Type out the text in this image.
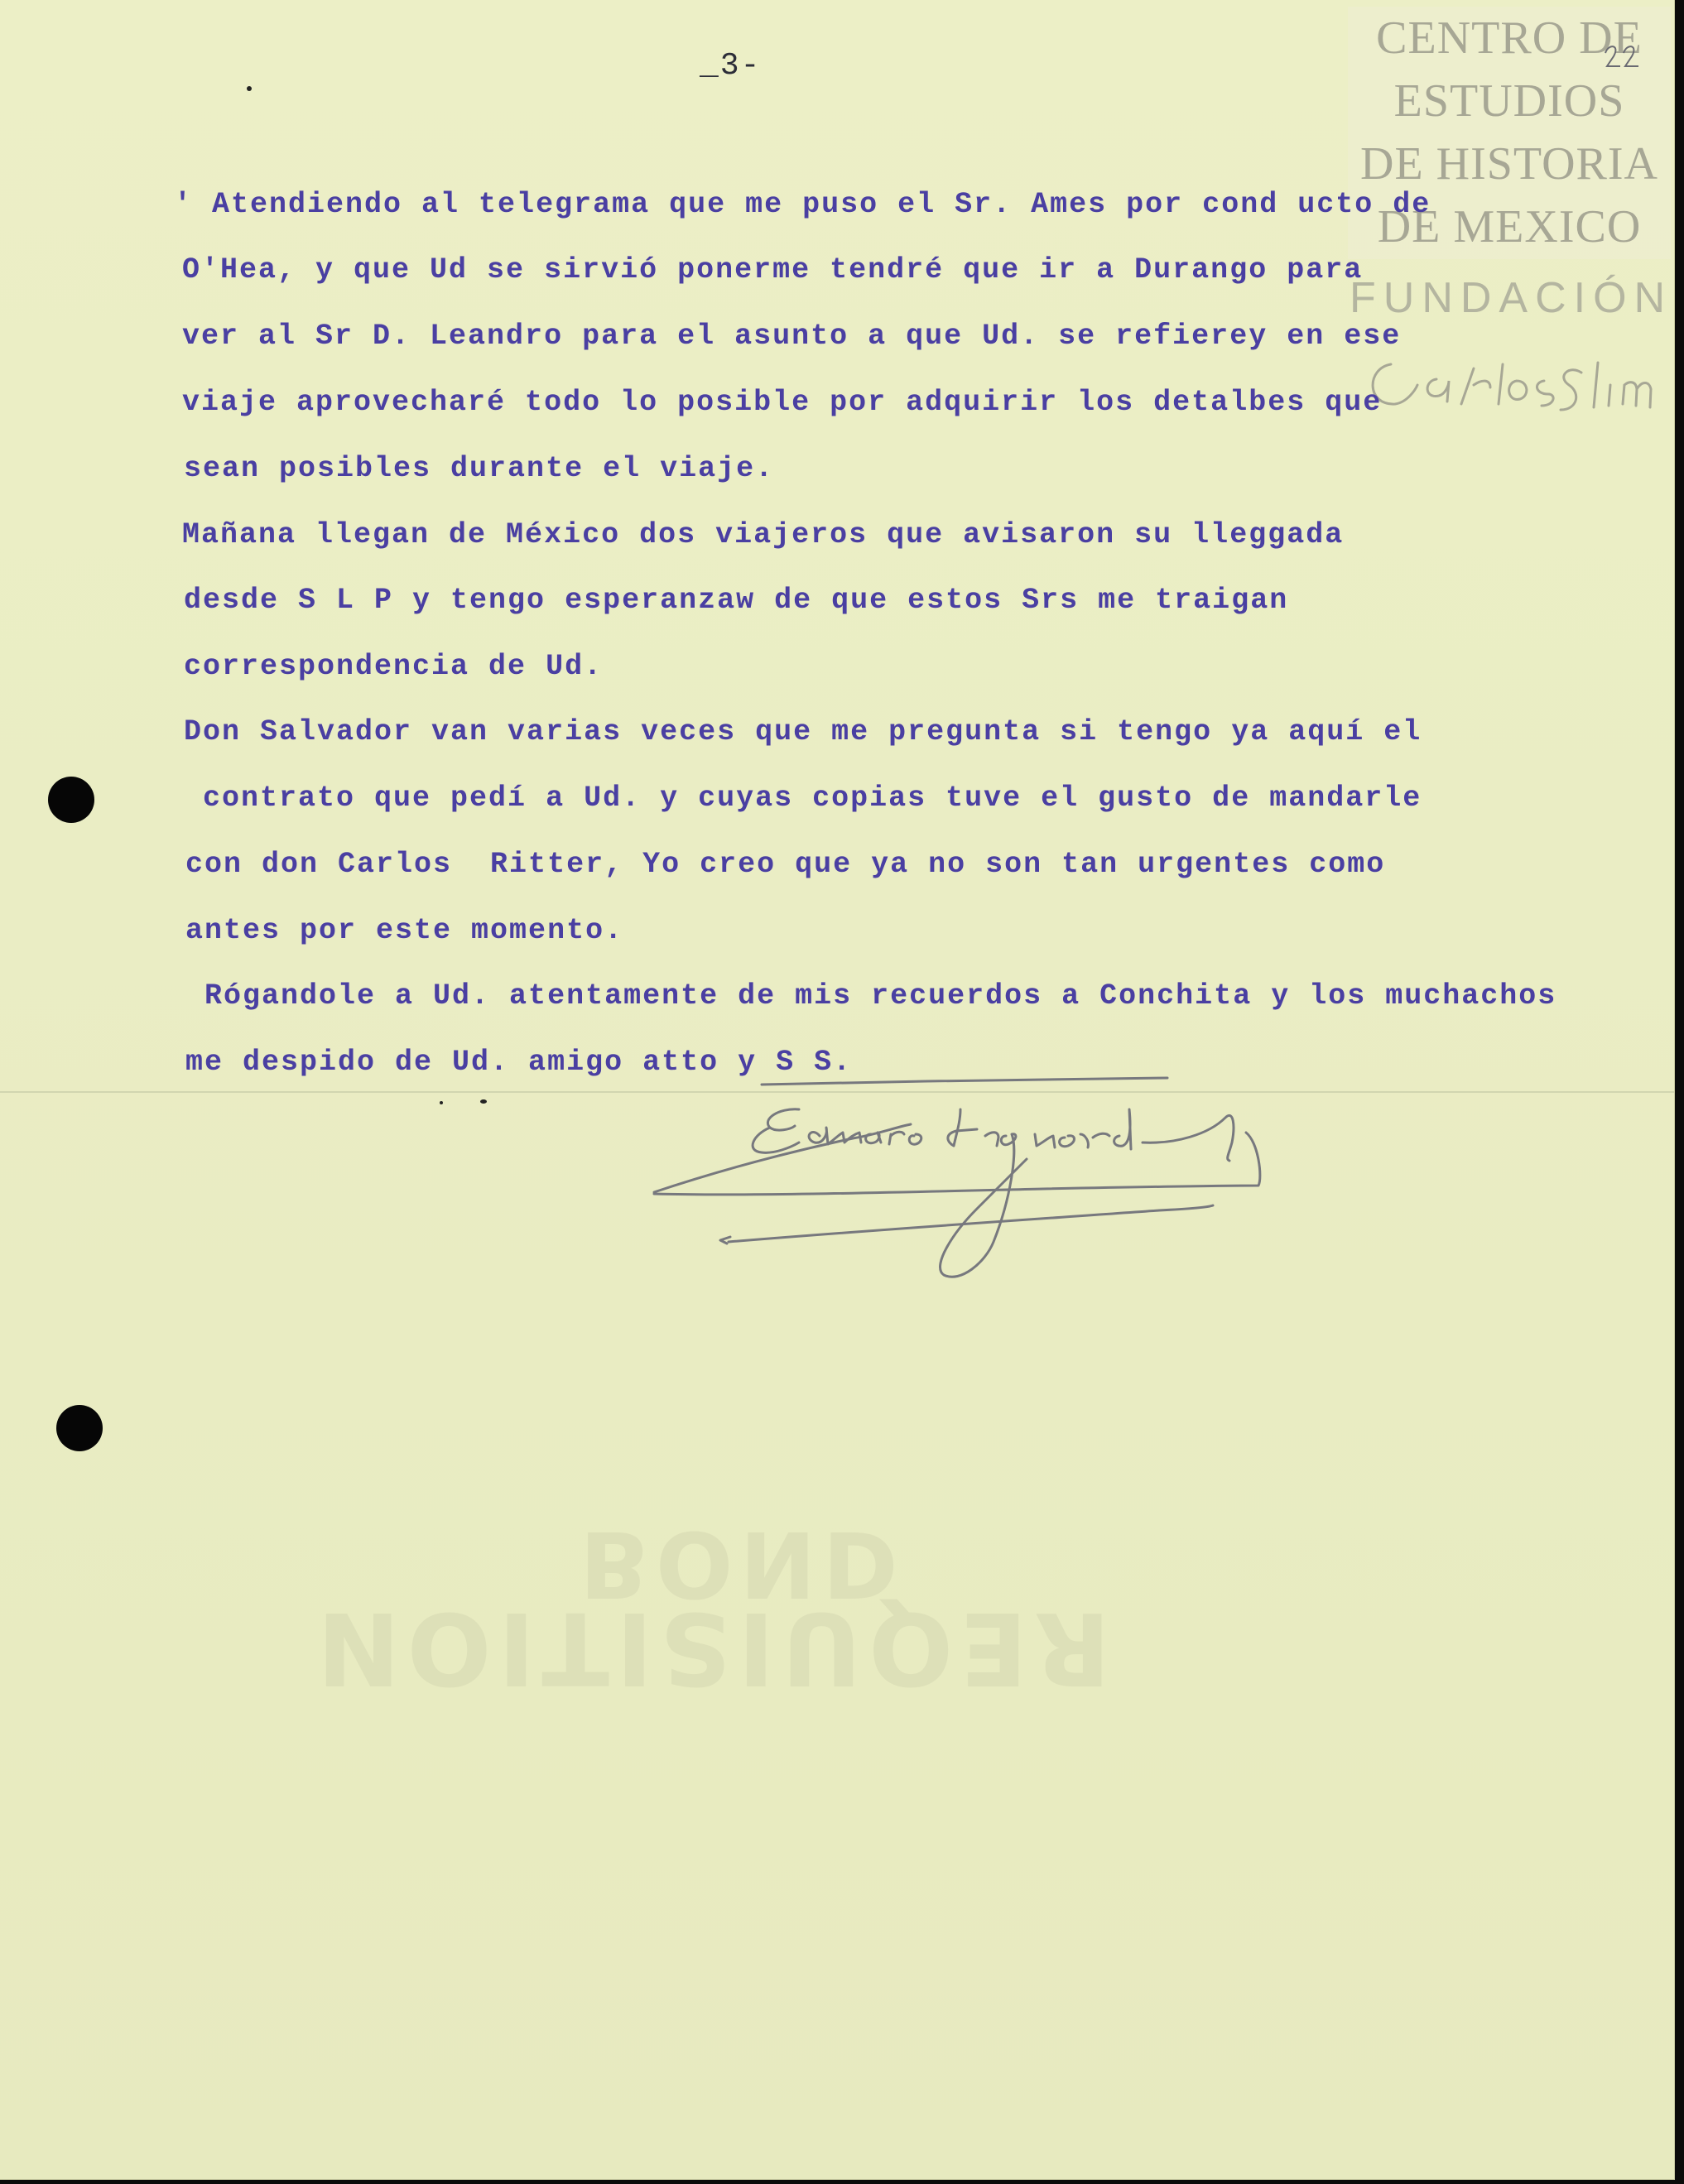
_3-
CENTRO DE
ESTUDIOS
DE HISTORIA
DE MEXICO
FUNDACIÓN
BOND
REQUISITION
' Atendiendo al telegrama que me puso el Sr. Ames por cond ucto de
O'Hea, y que Ud se sirvió ponerme tendré que ir a Durango para
ver al Sr D. Leandro para el asunto a que Ud. se refierey en ese
viaje aprovecharé todo lo posible por adquirir los detalbes que
sean posibles durante el viaje.
Mañana llegan de México dos viajeros que avisaron su lleggada
desde S L P y tengo esperanzaw de que estos Srs me traigan
correspondencia de Ud.
Don Salvador van varias veces que me pregunta si tengo ya aquí el
contrato que pedí a Ud. y cuyas copias tuve el gusto de mandarle
con don Carlos  Ritter, Yo creo que ya no son tan urgentes como
antes por este momento.
Rógandole a Ud. atentamente de mis recuerdos a Conchita y los muchachos
me despido de Ud. amigo atto y S S.
